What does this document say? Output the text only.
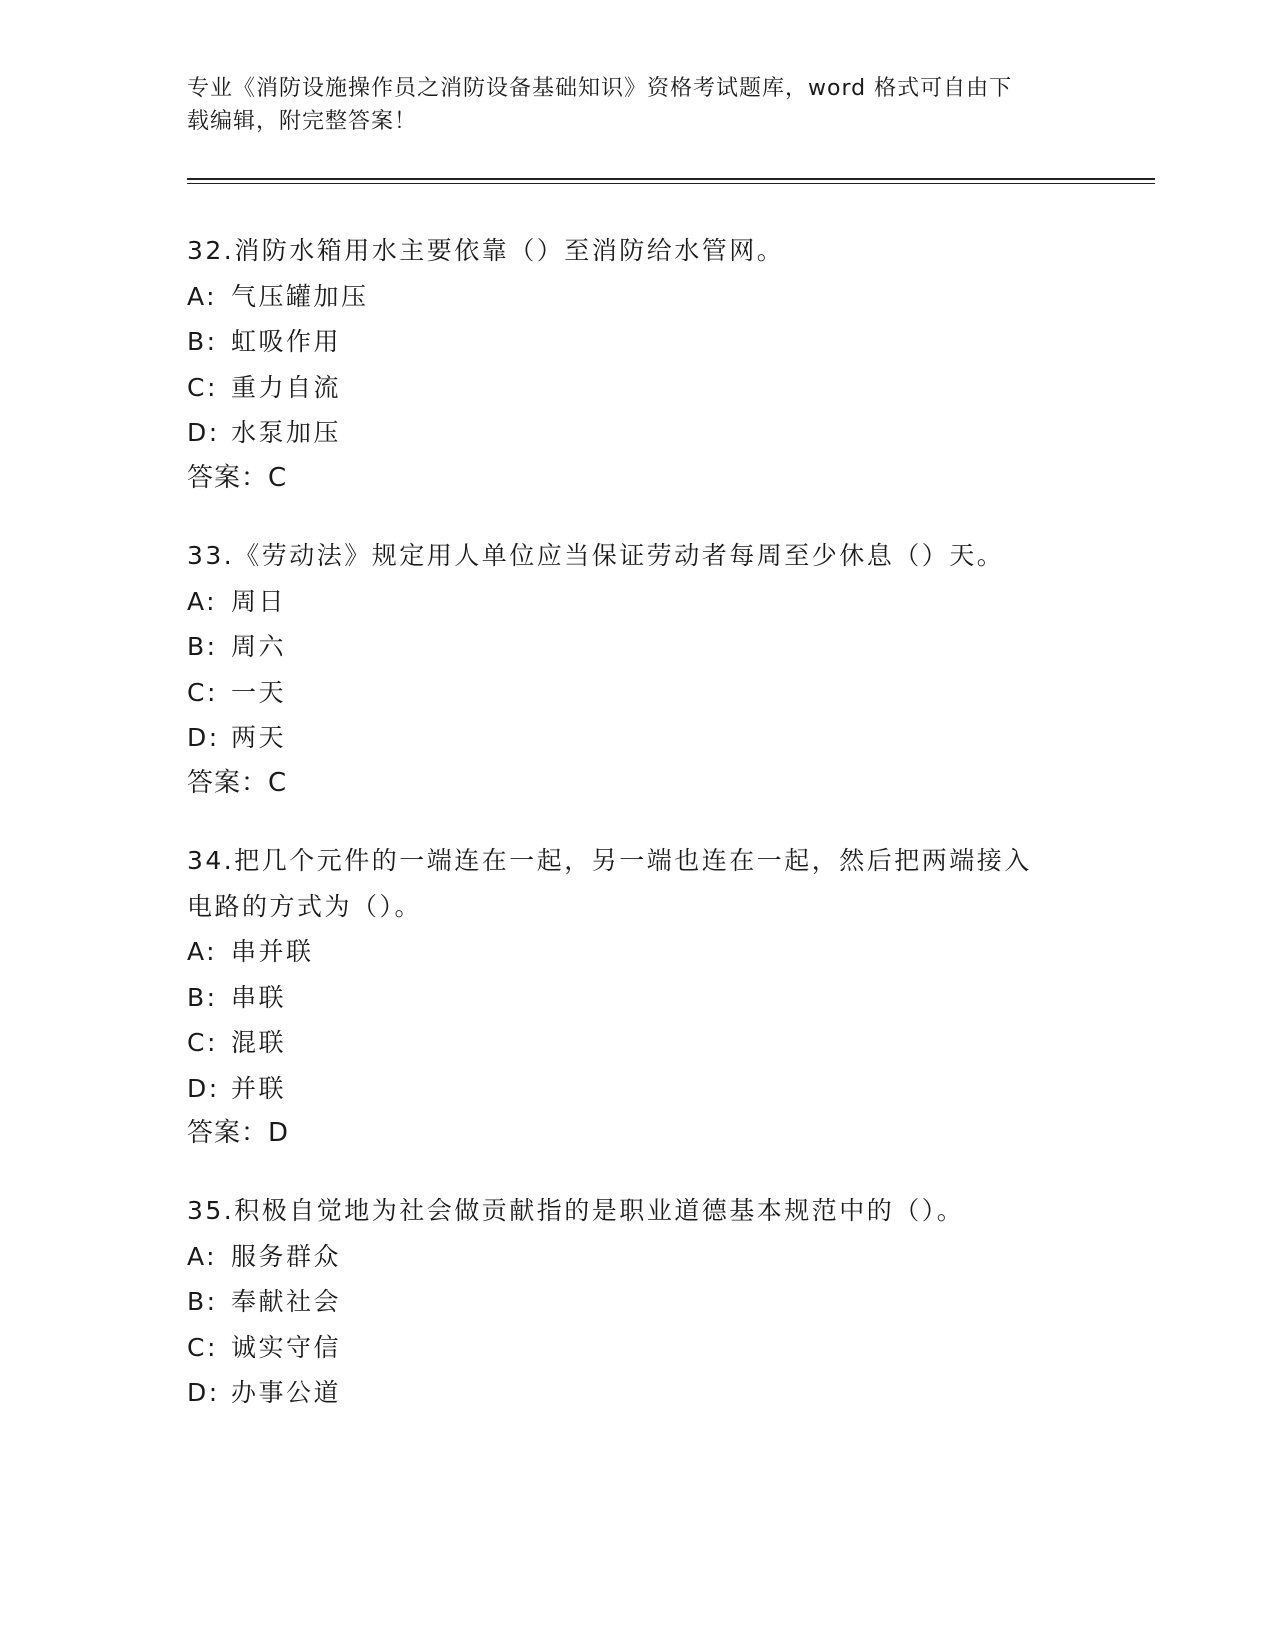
专业《消防设施操作员之消防设备基础知识》资格考试题库，word 格式可自由下
载编辑，附完整答案！
32.消防水箱用水主要依靠（）至消防给水管网。
A: 气压罐加压
B: 虹吸作用
C: 重力自流
D: 水泵加压
答案：C
33.《劳动法》规定用人单位应当保证劳动者每周至少休息（）天。
A: 周日
B: 周六
C: 一天
D: 两天
答案：C
34.把几个元件的一端连在一起，另一端也连在一起，然后把两端接入电路的方式为（）。
A: 串并联
B: 串联
C: 混联
D: 并联
答案：D
35.积极自觉地为社会做贡献指的是职业道德基本规范中的（）。
A: 服务群众
B: 奉献社会
C: 诚实守信
D: 办事公道
